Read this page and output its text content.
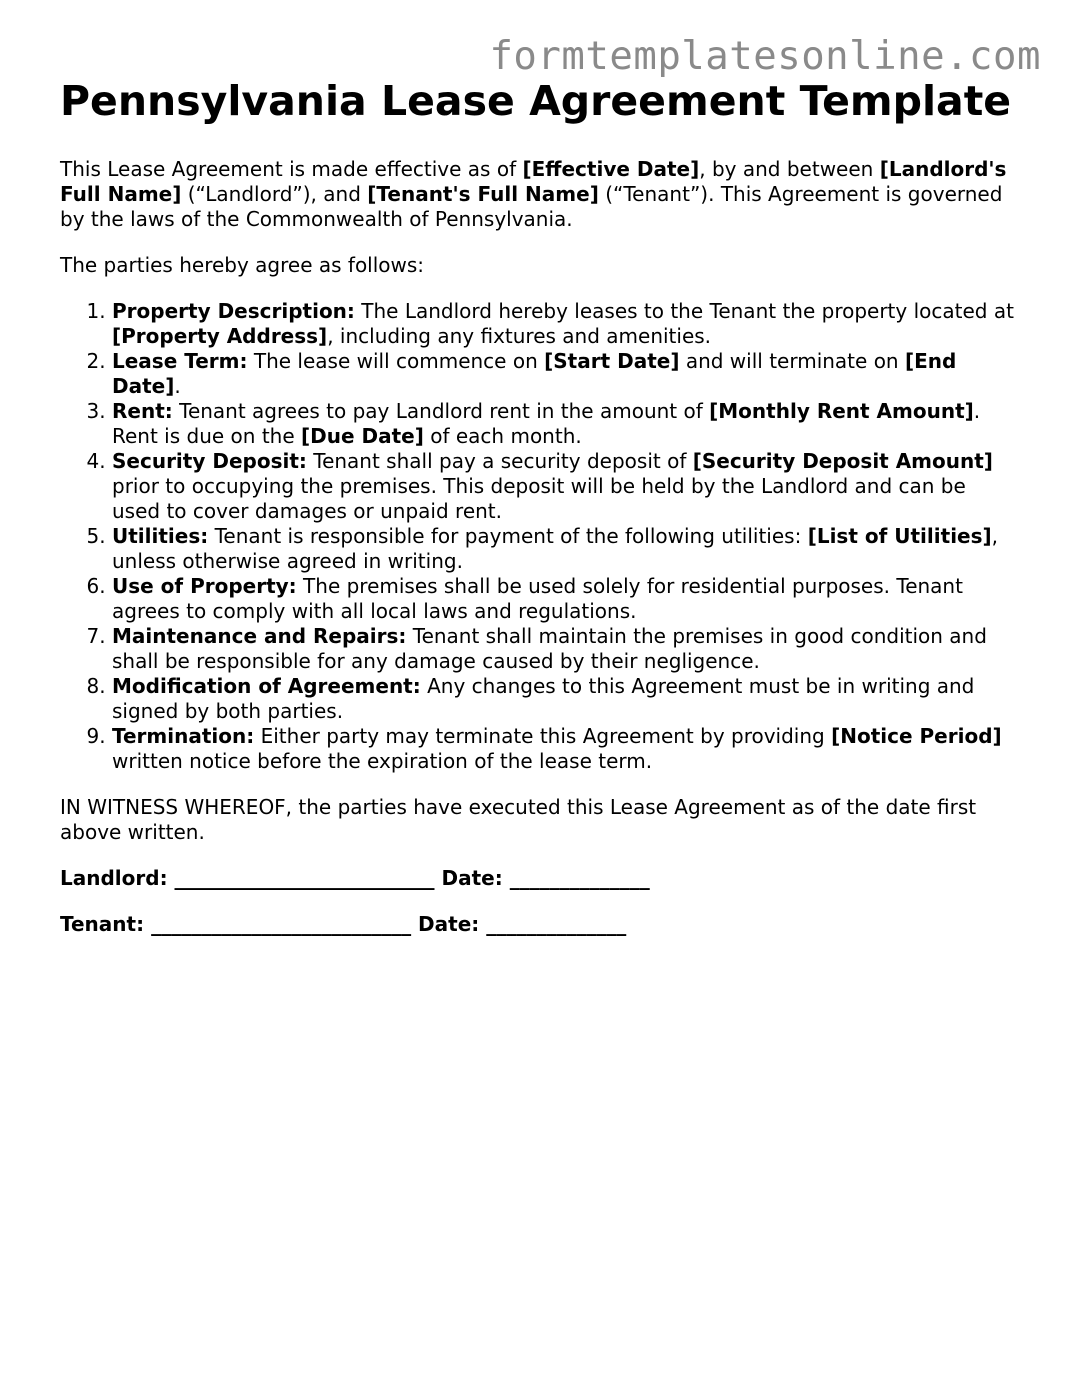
formtemplatesonline.com
Pennsylvania Lease Agreement Template

This Lease Agreement is made effective as of [Effective Date], by and between [Landlord's Full Name] (“Landlord”), and [Tenant's Full Name] (“Tenant”). This Agreement is governed by the laws of the Commonwealth of Pennsylvania.

The parties hereby agree as follows:

1. Property Description: The Landlord hereby leases to the Tenant the property located at [Property Address], including any fixtures and amenities.
2. Lease Term: The lease will commence on [Start Date] and will terminate on [End Date].
3. Rent: Tenant agrees to pay Landlord rent in the amount of [Monthly Rent Amount]. Rent is due on the [Due Date] of each month.
4. Security Deposit: Tenant shall pay a security deposit of [Security Deposit Amount] prior to occupying the premises. This deposit will be held by the Landlord and can be used to cover damages or unpaid rent.
5. Utilities: Tenant is responsible for payment of the following utilities: [List of Utilities], unless otherwise agreed in writing.
6. Use of Property: The premises shall be used solely for residential purposes. Tenant agrees to comply with all local laws and regulations.
7. Maintenance and Repairs: Tenant shall maintain the premises in good condition and shall be responsible for any damage caused by their negligence.
8. Modification of Agreement: Any changes to this Agreement must be in writing and signed by both parties.
9. Termination: Either party may terminate this Agreement by providing [Notice Period] written notice before the expiration of the lease term.

IN WITNESS WHEREOF, the parties have executed this Lease Agreement as of the date first above written.

Landlord: __________________________ Date: ______________
Tenant: __________________________ Date: ______________
